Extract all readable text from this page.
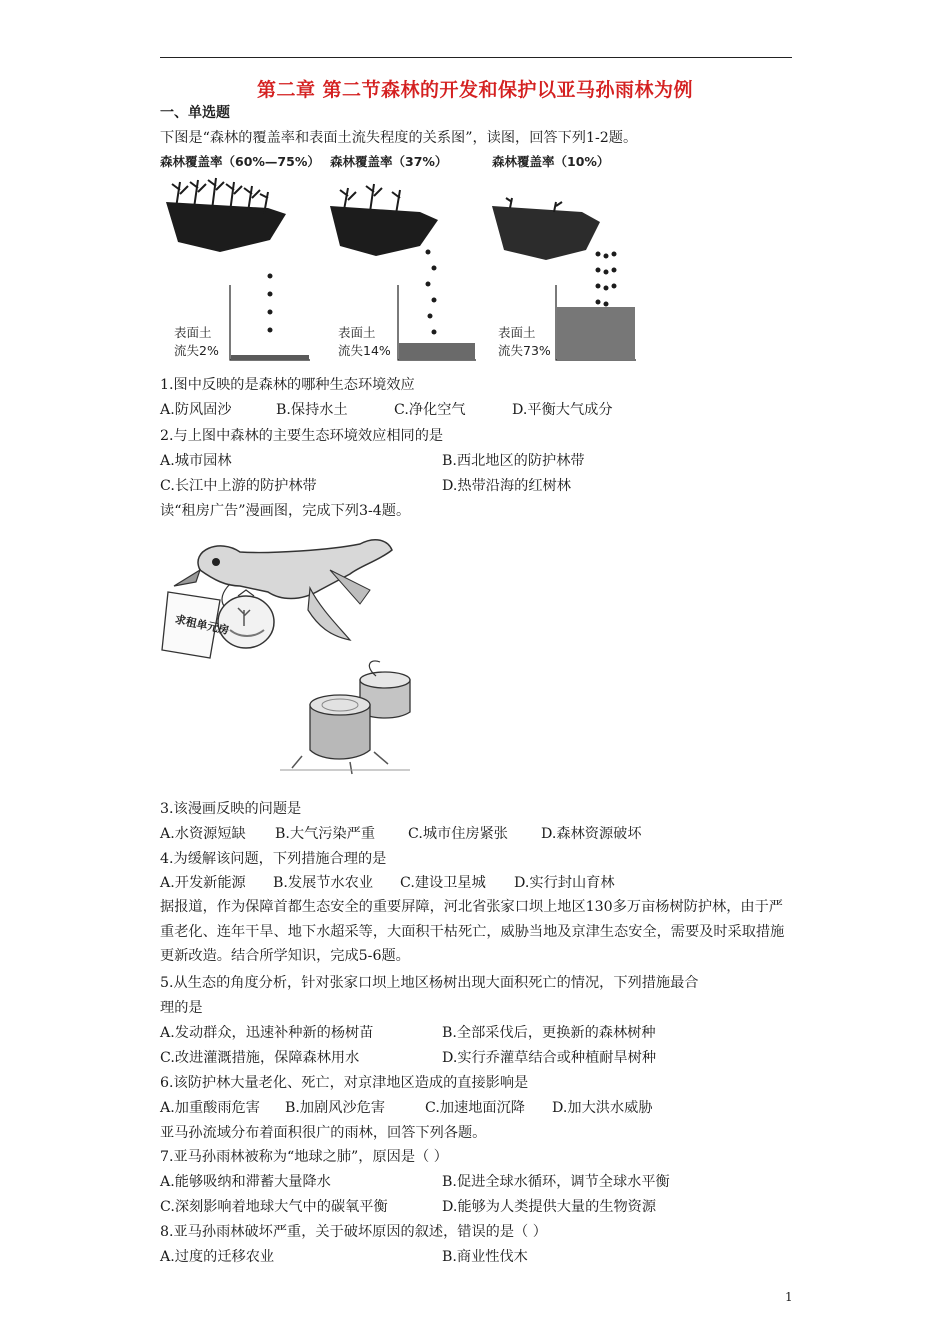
第二章 第二节森林的开发和保护以亚马孙雨林为例
一、单选题
下图是“森林的覆盖率和表面土流失程度的关系图”，读图，回答下列1-2题。
森林覆盖率（60%—75%）
表面土
流失2%
森林覆盖率（37%）
表面土
流失14%
森林覆盖率（10%）
表面土
流失73%
1.图中反映的是森林的哪种生态环境效应
A.防风固沙	B.保持水土	C.净化空气	D.平衡大气成分
2.与上图中森林的主要生态环境效应相同的是
A.城市园林	B.西北地区的防护林带
C.长江中上游的防护林带	D.热带沿海的红树林
读“租房广告”漫画图，完成下列3-4题。
求租单元房
3.该漫画反映的问题是
A.水资源短缺 B.大气污染严重 C.城市住房紧张 D.森林资源破坏
4.为缓解该问题，下列措施合理的是
A.开发新能源 B.发展节水农业 C.建设卫星城 D.实行封山育林
据报道，作为保障首都生态安全的重要屏障，河北省张家口坝上地区130多万亩杨树防护林，由于严重老化、连年干旱、地下水超采等，大面积干枯死亡，威胁当地及京津生态安全，需要及时采取措施更新改造。结合所学知识，完成5-6题。
5.从生态的角度分析，针对张家口坝上地区杨树出现大面积死亡的情况，下列措施最合
理的是
A.发动群众，迅速补种新的杨树苗	B.全部采伐后，更换新的森林树种
C.改进灌溉措施，保障森林用水	D.实行乔灌草结合或种植耐旱树种
6.该防护林大量老化、死亡，对京津地区造成的直接影响是
A.加重酸雨危害 B.加剧风沙危害	C.加速地面沉降 D.加大洪水威胁
亚马孙流域分布着面积很广的雨林，回答下列各题。
7.亚马孙雨林被称为“地球之肺”，原因是（ ）
A.能够吸纳和滞蓄大量降水	B.促进全球水循环，调节全球水平衡
C.深刻影响着地球大气中的碳氧平衡	D.能够为人类提供大量的生物资源
8.亚马孙雨林破坏严重，关于破坏原因的叙述，错误的是（ ）
A.过度的迁移农业	B.商业性伐木
1
